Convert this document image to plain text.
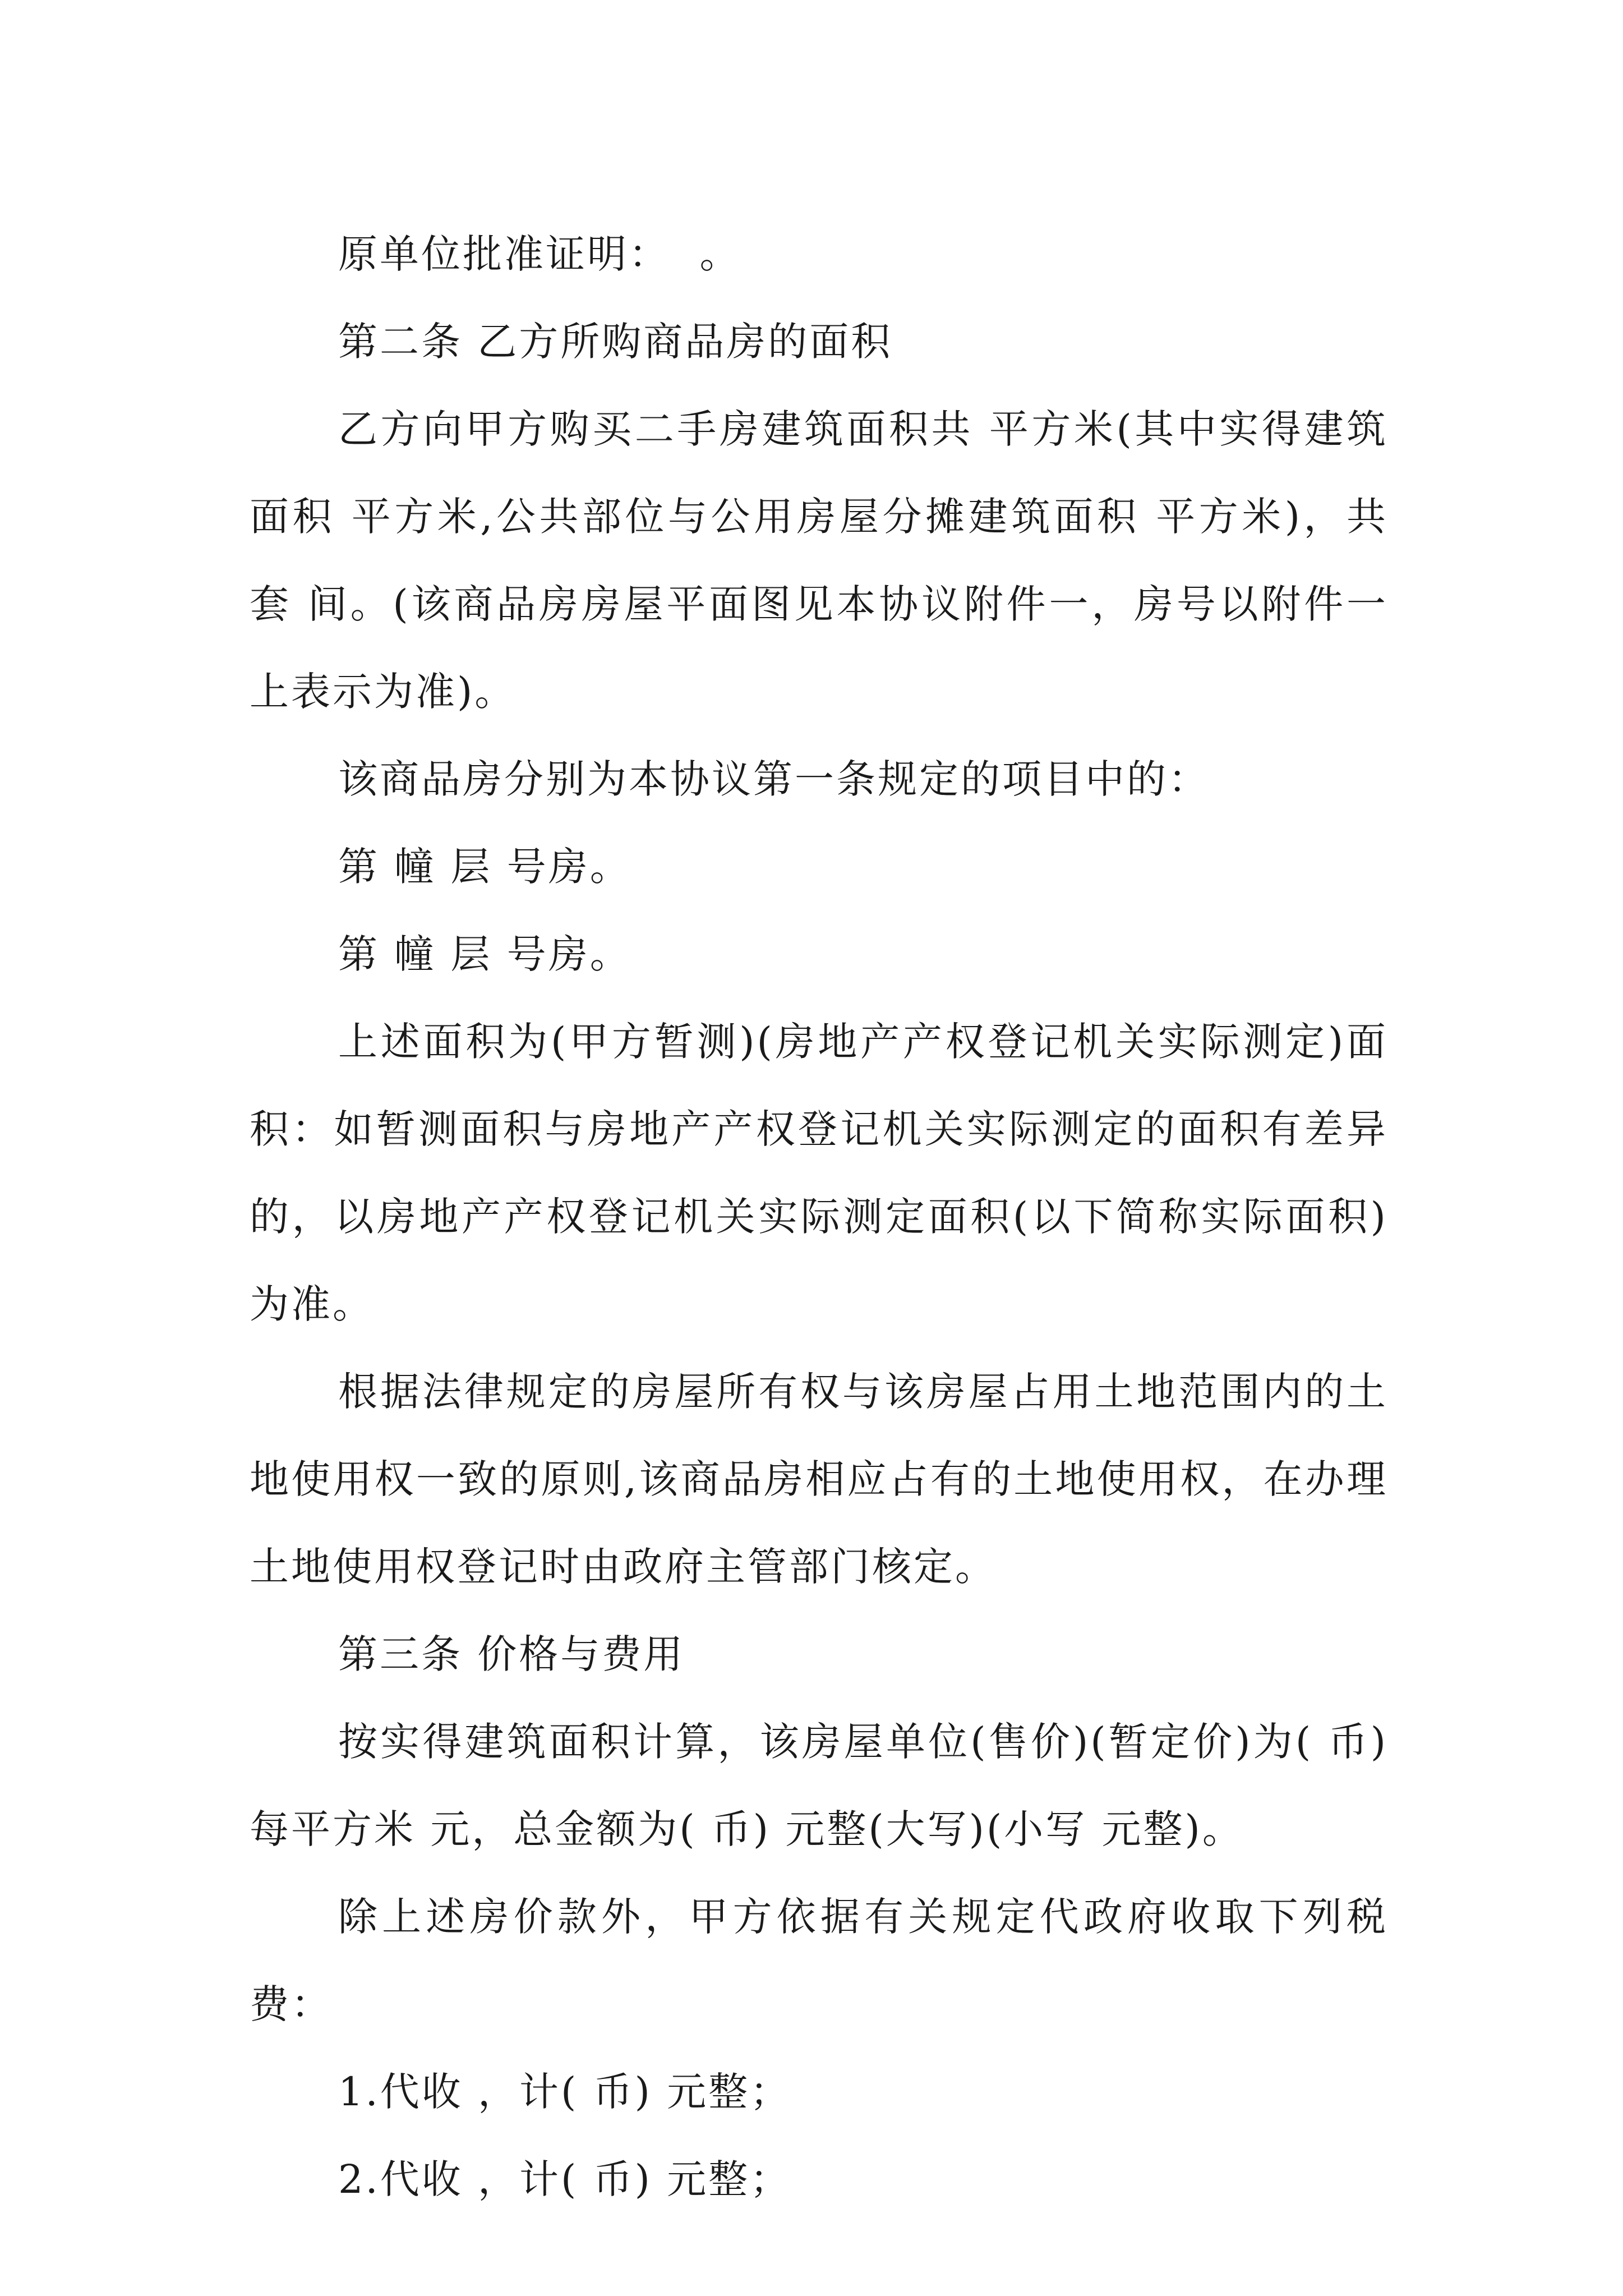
原单位批准证明：  。

第二条 乙方所购商品房的面积

乙方向甲方购买二手房建筑面积共 平方米(其中实得建筑面积 平方米,公共部位与公用房屋分摊建筑面积 平方米)，共 套 间。(该商品房房屋平面图见本协议附件一，房号以附件一上表示为准)。

该商品房分别为本协议第一条规定的项目中的：

第 幢 层 号房。

第 幢 层 号房。

上述面积为(甲方暂测)(房地产产权登记机关实际测定)面积：如暂测面积与房地产产权登记机关实际测定的面积有差异的，以房地产产权登记机关实际测定面积(以下简称实际面积)为准。

根据法律规定的房屋所有权与该房屋占用土地范围内的土地使用权一致的原则,该商品房相应占有的土地使用权，在办理土地使用权登记时由政府主管部门核定。

第三条 价格与费用

按实得建筑面积计算，该房屋单位(售价)(暂定价)为( 币)每平方米 元，总金额为( 币) 元整(大写)(小写 元整)。

除上述房价款外，甲方依据有关规定代政府收取下列税费：

1.代收 ，计( 币) 元整；

2.代收 ，计( 币) 元整；
